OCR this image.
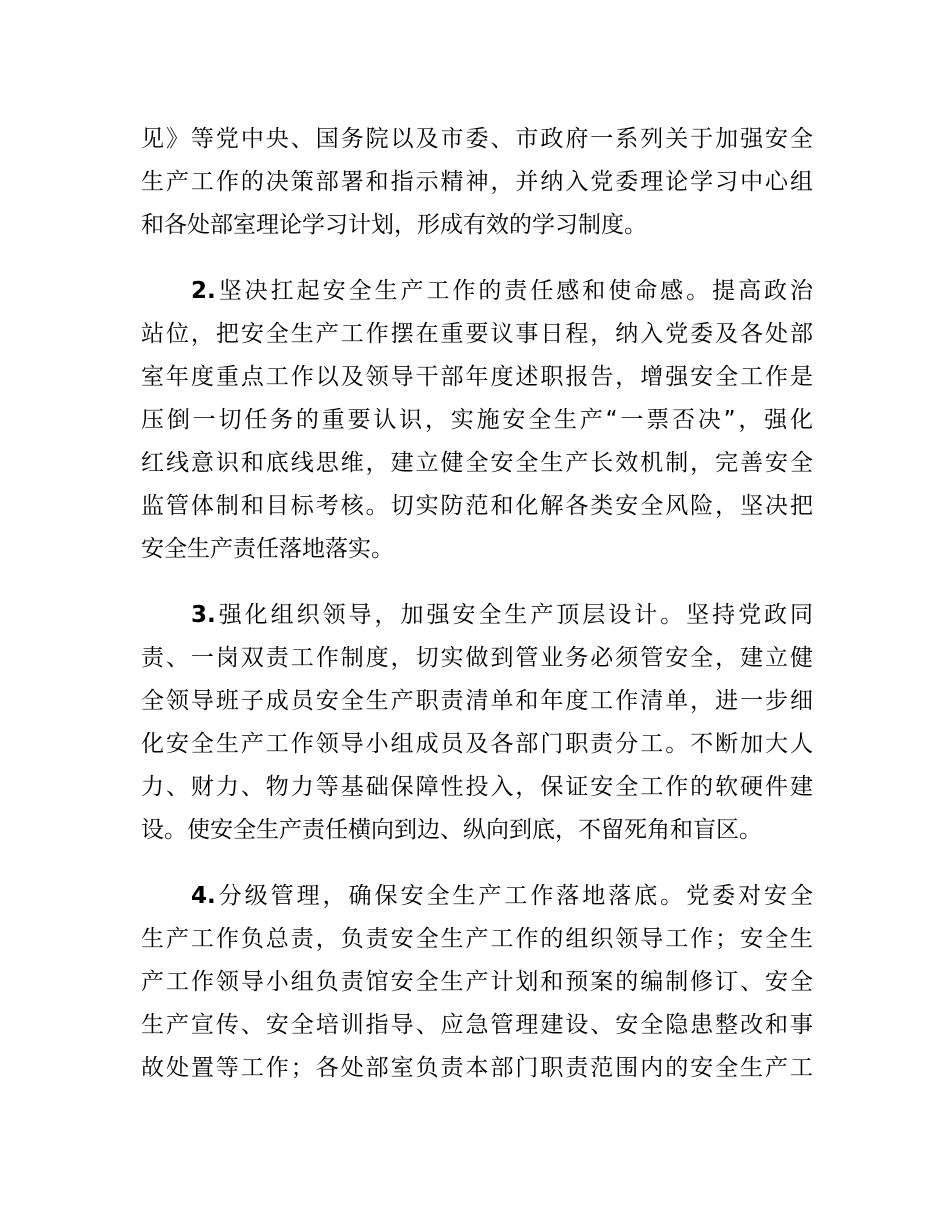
见》等党中央、国务院以及市委、市政府一系列关于加强安全
生产工作的决策部署和指示精神，并纳入党委理论学习中心组
和各处部室理论学习计划，形成有效的学习制度。
2.坚决扛起安全生产工作的责任感和使命感。提高政治
站位，把安全生产工作摆在重要议事日程，纳入党委及各处部
室年度重点工作以及领导干部年度述职报告，增强安全工作是
压倒一切任务的重要认识，实施安全生产“一票否决”，强化
红线意识和底线思维，建立健全安全生产长效机制，完善安全
监管体制和目标考核。切实防范和化解各类安全风险，坚决把
安全生产责任落地落实。
3.强化组织领导，加强安全生产顶层设计。坚持党政同
责、一岗双责工作制度，切实做到管业务必须管安全，建立健
全领导班子成员安全生产职责清单和年度工作清单，进一步细
化安全生产工作领导小组成员及各部门职责分工。不断加大人
力、财力、物力等基础保障性投入，保证安全工作的软硬件建
设。使安全生产责任横向到边、纵向到底，不留死角和盲区。
4.分级管理，确保安全生产工作落地落底。党委对安全
生产工作负总责，负责安全生产工作的组织领导工作；安全生
产工作领导小组负责馆安全生产计划和预案的编制修订、安全
生产宣传、安全培训指导、应急管理建设、安全隐患整改和事
故处置等工作；各处部室负责本部门职责范围内的安全生产工
